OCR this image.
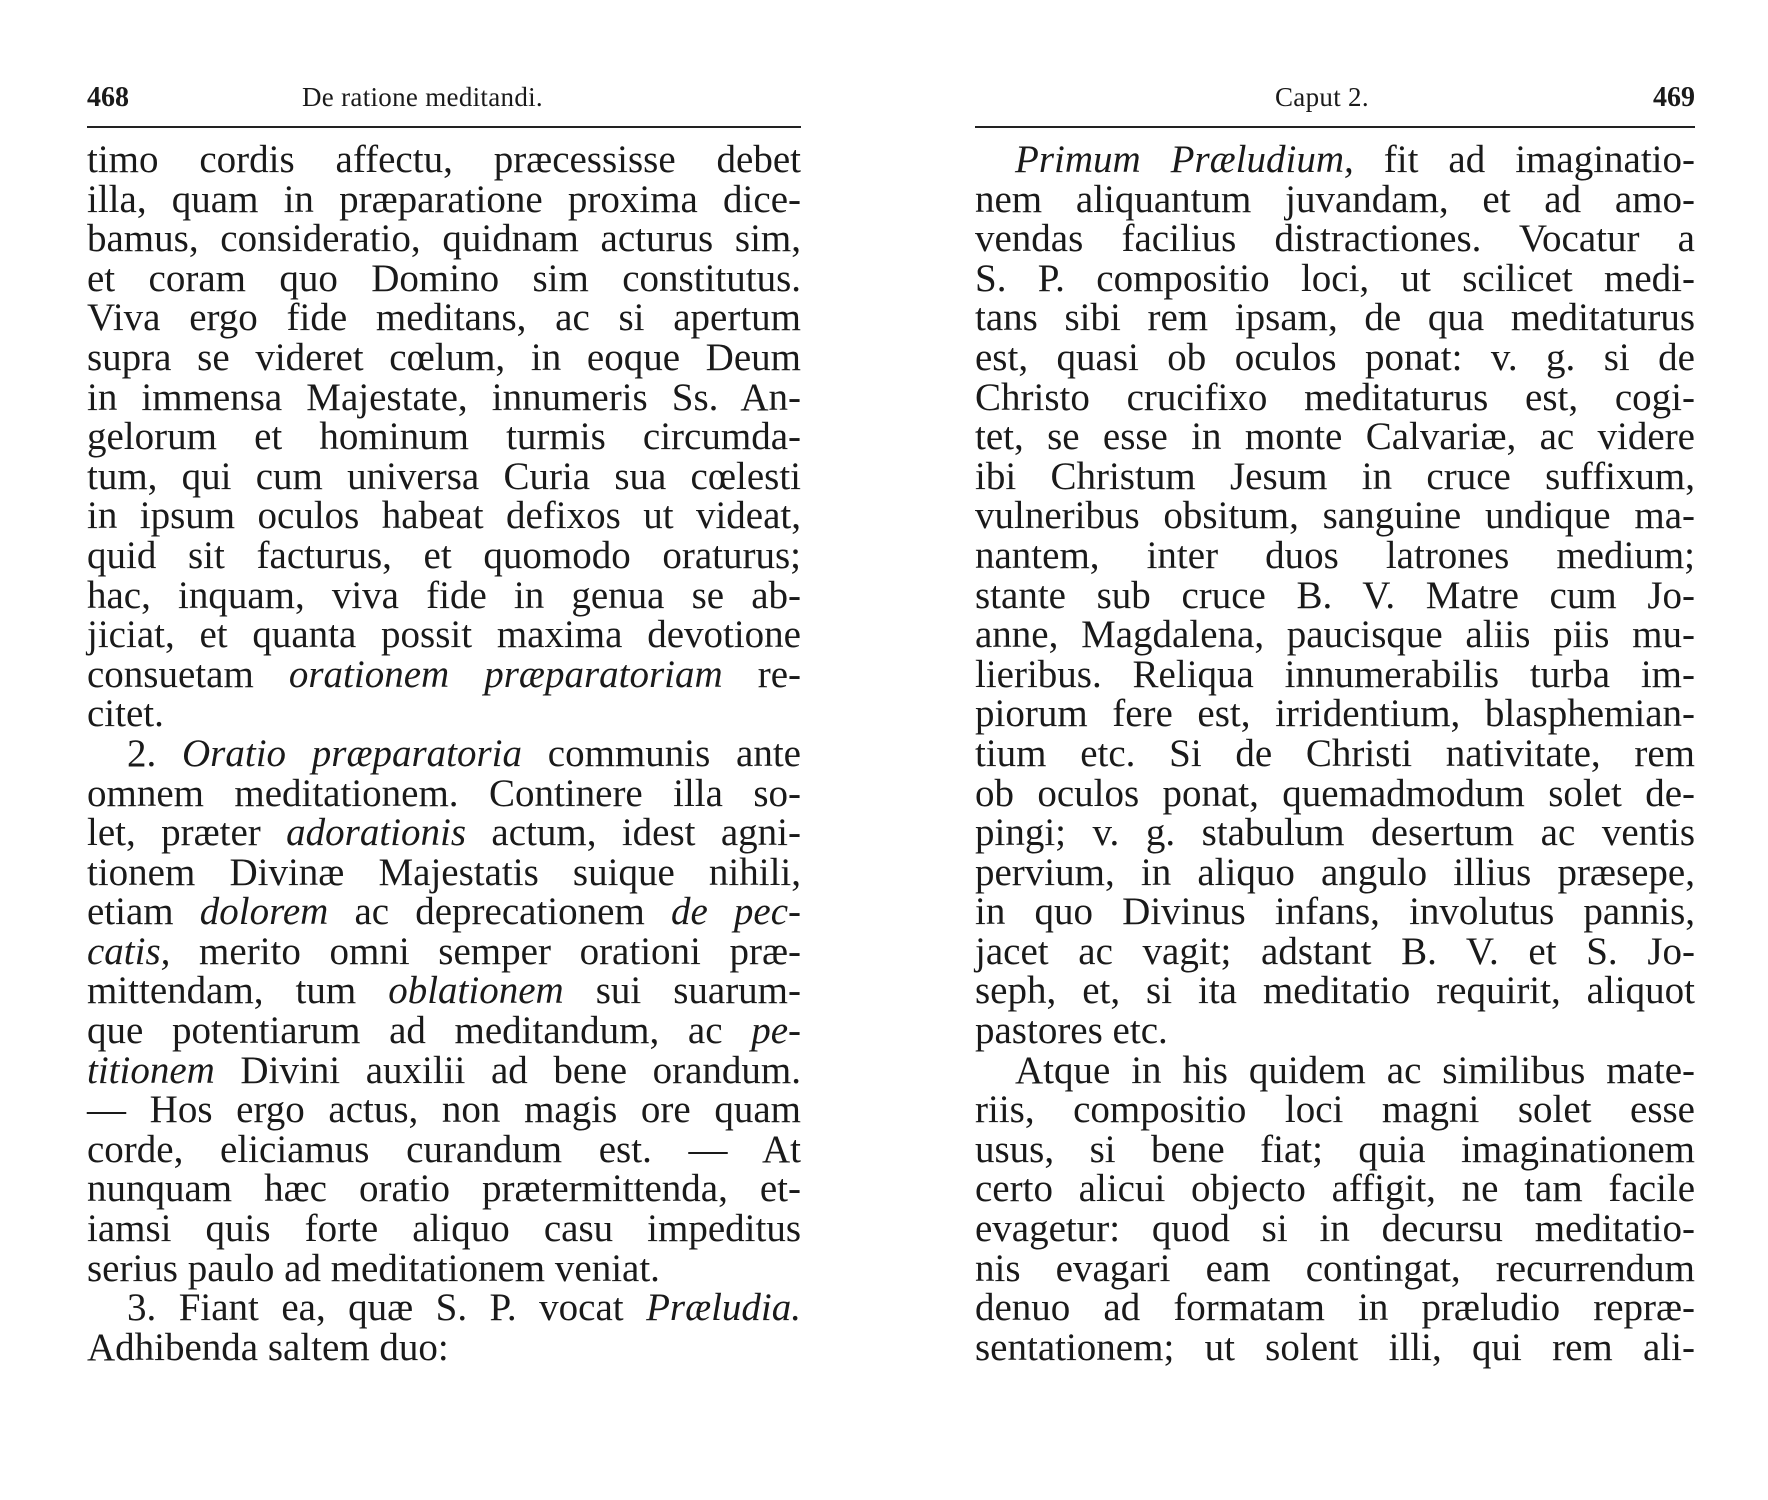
468	De ratione meditandi.
timo cordis affectu, præcessisse debet
illa, quam in præparatione proxima dice-
bamus, consideratio, quidnam acturus sim,
et coram quo Domino sim constitutus.
Viva ergo fide meditans, ac si apertum
supra se videret cœlum, in eoque Deum
in immensa Majestate, innumeris Ss. An-
gelorum et hominum turmis circumda-
tum, qui cum universa Curia sua cœlesti
in ipsum oculos habeat defixos ut videat,
quid sit facturus, et quomodo oraturus;
hac, inquam, viva fide in genua se ab-
jiciat, et quanta possit maxima devotione
consuetam orationem præparatoriam re-
citet.
2. Oratio præparatoria communis ante
omnem meditationem. Continere illa so-
let, præter adorationis actum, idest agni-
tionem Divinæ Majestatis suique nihili,
etiam dolorem ac deprecationem de pec-
catis, merito omni semper orationi præ-
mittendam, tum oblationem sui suarum-
que potentiarum ad meditandum, ac pe-
titionem Divini auxilii ad bene orandum.
— Hos ergo actus, non magis ore quam
corde, eliciamus curandum est. — At
nunquam hæc oratio prætermittenda, et-
iamsi quis forte aliquo casu impeditus
serius paulo ad meditationem veniat.
3. Fiant ea, quæ S. P. vocat Præludia.
Adhibenda saltem duo:
Caput 2.	469
Primum Præludium, fit ad imaginatio-
nem aliquantum juvandam, et ad amo-
vendas facilius distractiones. Vocatur a
S. P. compositio loci, ut scilicet medi-
tans sibi rem ipsam, de qua meditaturus
est, quasi ob oculos ponat: v. g. si de
Christo crucifixo meditaturus est, cogi-
tet, se esse in monte Calvariæ, ac videre
ibi Christum Jesum in cruce suffixum,
vulneribus obsitum, sanguine undique ma-
nantem, inter duos latrones medium;
stante sub cruce B. V. Matre cum Jo-
anne, Magdalena, paucisque aliis piis mu-
lieribus. Reliqua innumerabilis turba im-
piorum fere est, irridentium, blasphemian-
tium etc. Si de Christi nativitate, rem
ob oculos ponat, quemadmodum solet de-
pingi; v. g. stabulum desertum ac ventis
pervium, in aliquo angulo illius præsepe,
in quo Divinus infans, involutus pannis,
jacet ac vagit; adstant B. V. et S. Jo-
seph, et, si ita meditatio requirit, aliquot
pastores etc.
Atque in his quidem ac similibus mate-
riis, compositio loci magni solet esse
usus, si bene fiat; quia imaginationem
certo alicui objecto affigit, ne tam facile
evagetur: quod si in decursu meditatio-
nis evagari eam contingat, recurrendum
denuo ad formatam in præludio repræ-
sentationem; ut solent illi, qui rem ali-
